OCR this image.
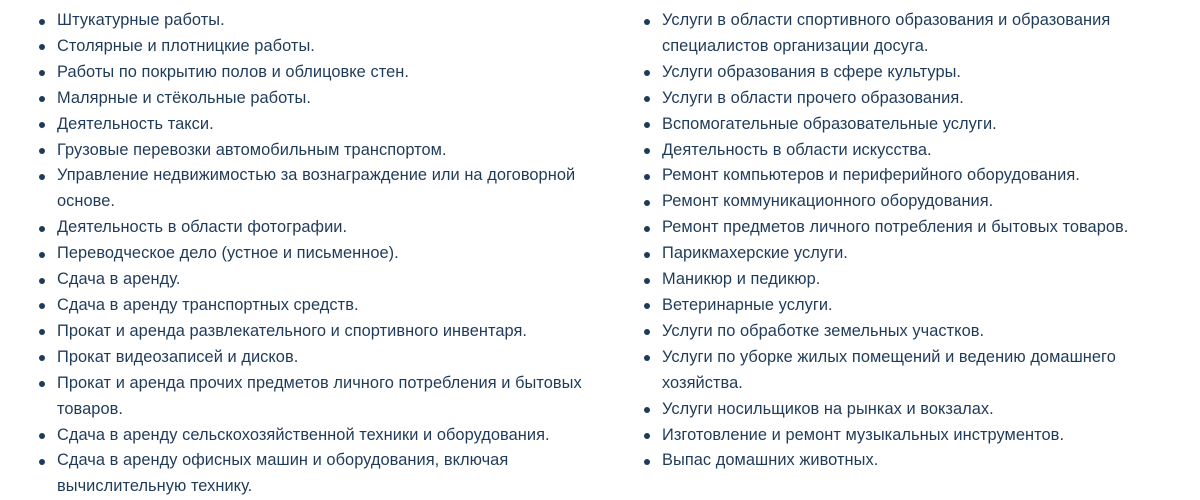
Штукатурные работы.
Столярные и плотницкие работы.
Работы по покрытию полов и облицовке стен.
Малярные и стёкольные работы.
Деятельность такси.
Грузовые перевозки автомобильным транспортом.
Управление недвижимостью за вознаграждение или на договорной основе.
Деятельность в области фотографии.
Переводческое дело (устное и письменное).
Сдача в аренду.
Сдача в аренду транспортных средств.
Прокат и аренда развлекательного и спортивного инвентаря.
Прокат видеозаписей и дисков.
Прокат и аренда прочих предметов личного потребления и бытовых товаров.
Сдача в аренду сельскохозяйственной техники и оборудования.
Сдача в аренду офисных машин и оборудования, включая вычислительную технику.
Услуги в области спортивного образования и образования специалистов организации досуга.
Услуги образования в сфере культуры.
Услуги в области прочего образования.
Вспомогательные образовательные услуги.
Деятельность в области искусства.
Ремонт компьютеров и периферийного оборудования.
Ремонт коммуникационного оборудования.
Ремонт предметов личного потребления и бытовых товаров.
Парикмахерские услуги.
Маникюр и педикюр.
Ветеринарные услуги.
Услуги по обработке земельных участков.
Услуги по уборке жилых помещений и ведению домашнего хозяйства.
Услуги носильщиков на рынках и вокзалах.
Изготовление и ремонт музыкальных инструментов.
Выпас домашних животных.
